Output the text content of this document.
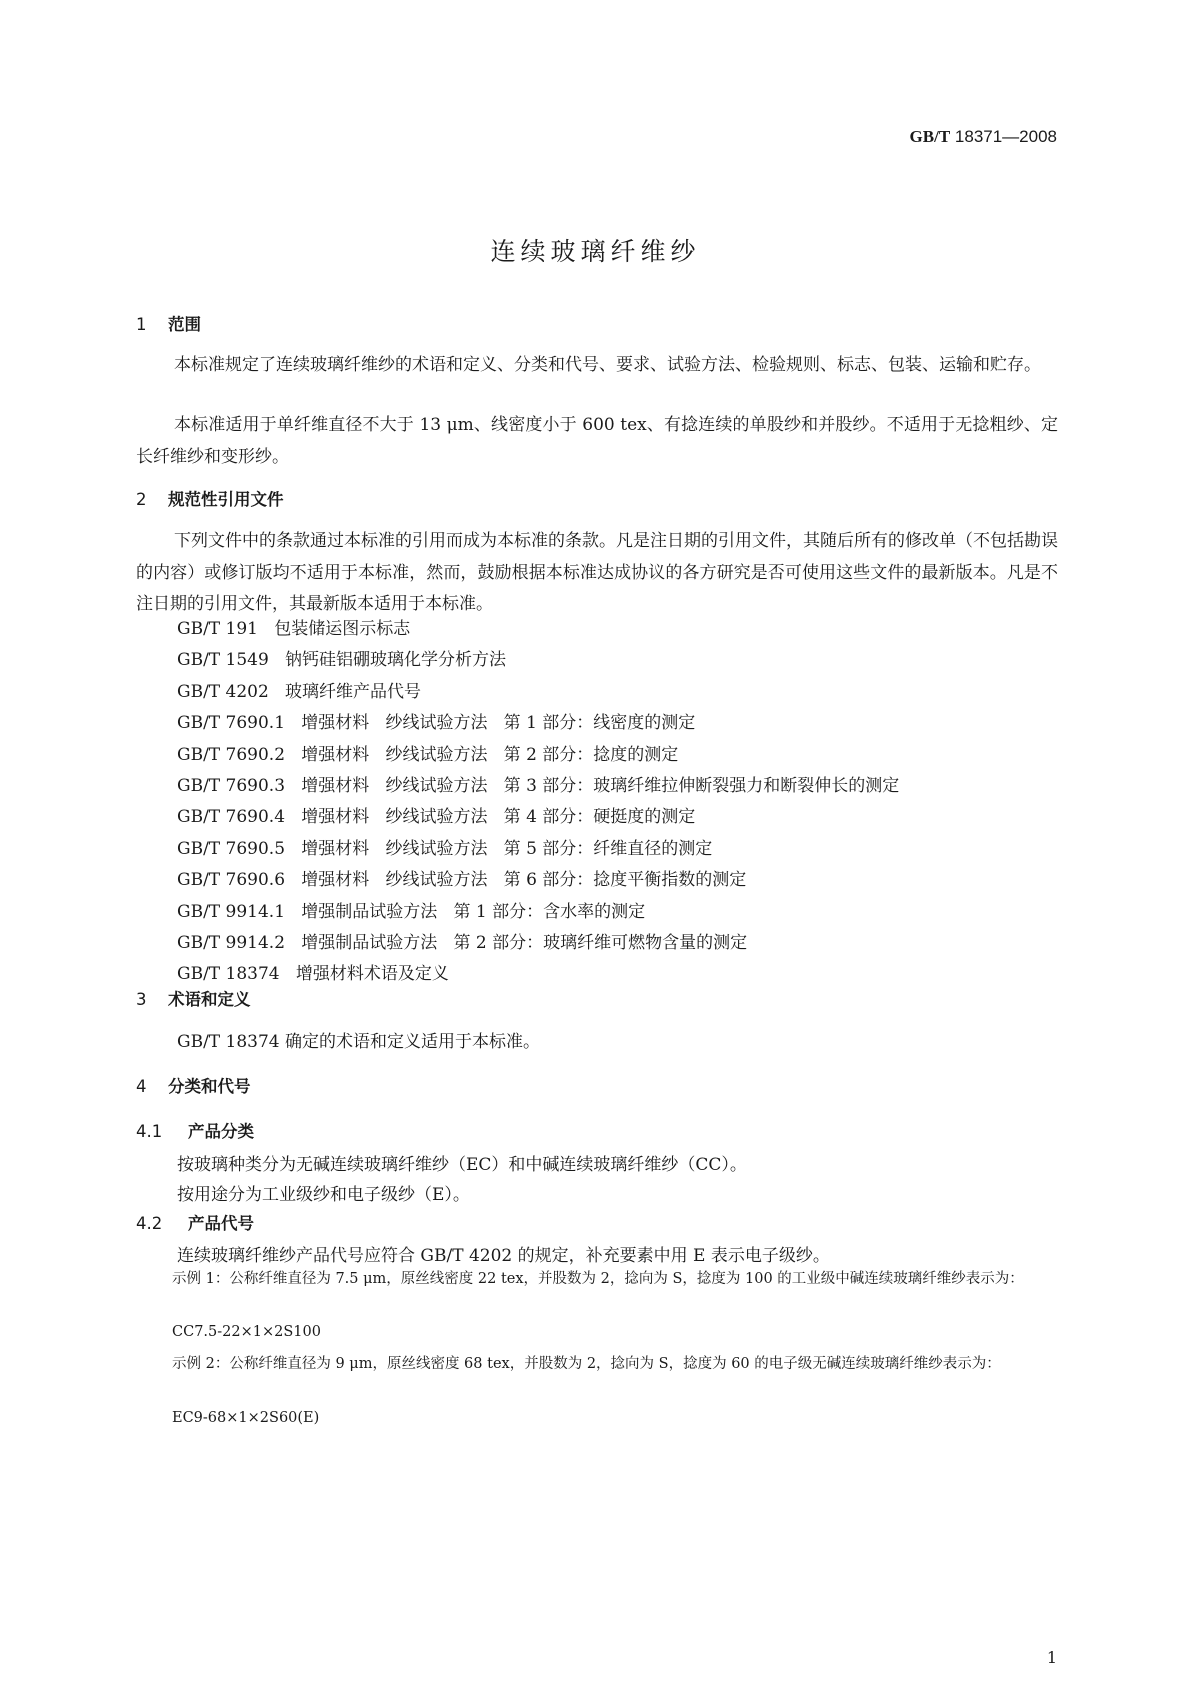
GB/T 18371—2008
连续玻璃纤维纱
1 范围
本标准规定了连续玻璃纤维纱的术语和定义、分类和代号、要求、试验方法、检验规则、标志、包装、运输和贮存。
本标准适用于单纤维直径不大于 13 μm、线密度小于 600 tex、有捻连续的单股纱和并股纱。不适用于无捻粗纱、定长纤维纱和变形纱。
2 规范性引用文件
下列文件中的条款通过本标准的引用而成为本标准的条款。凡是注日期的引用文件，其随后所有的修改单（不包括勘误的内容）或修订版均不适用于本标准，然而，鼓励根据本标准达成协议的各方研究是否可使用这些文件的最新版本。凡是不注日期的引用文件，其最新版本适用于本标准。
GB/T 191   包装储运图示标志
GB/T 1549   钠钙硅铝硼玻璃化学分析方法
GB/T 4202   玻璃纤维产品代号
GB/T 7690.1   增强材料   纱线试验方法   第 1 部分：线密度的测定
GB/T 7690.2   增强材料   纱线试验方法   第 2 部分：捻度的测定
GB/T 7690.3   增强材料   纱线试验方法   第 3 部分：玻璃纤维拉伸断裂强力和断裂伸长的测定
GB/T 7690.4   增强材料   纱线试验方法   第 4 部分：硬挺度的测定
GB/T 7690.5   增强材料   纱线试验方法   第 5 部分：纤维直径的测定
GB/T 7690.6   增强材料   纱线试验方法   第 6 部分：捻度平衡指数的测定
GB/T 9914.1   增强制品试验方法   第 1 部分：含水率的测定
GB/T 9914.2   增强制品试验方法   第 2 部分：玻璃纤维可燃物含量的测定
GB/T 18374   增强材料术语及定义
3 术语和定义
GB/T 18374 确定的术语和定义适用于本标准。
4 分类和代号
4.1 产品分类
按玻璃种类分为无碱连续玻璃纤维纱（EC）和中碱连续玻璃纤维纱（CC）。
按用途分为工业级纱和电子级纱（E）。
4.2 产品代号
连续玻璃纤维纱产品代号应符合 GB/T 4202 的规定，补充要素中用 E 表示电子级纱。
示例 1：公称纤维直径为 7.5 μm，原丝线密度 22 tex，并股数为 2，捻向为 S，捻度为 100 的工业级中碱连续玻璃纤维纱表示为：
CC7.5-22×1×2S100
示例 2：公称纤维直径为 9 μm，原丝线密度 68 tex，并股数为 2，捻向为 S，捻度为 60 的电子级无碱连续玻璃纤维纱表示为：
EC9-68×1×2S60(E)
1
